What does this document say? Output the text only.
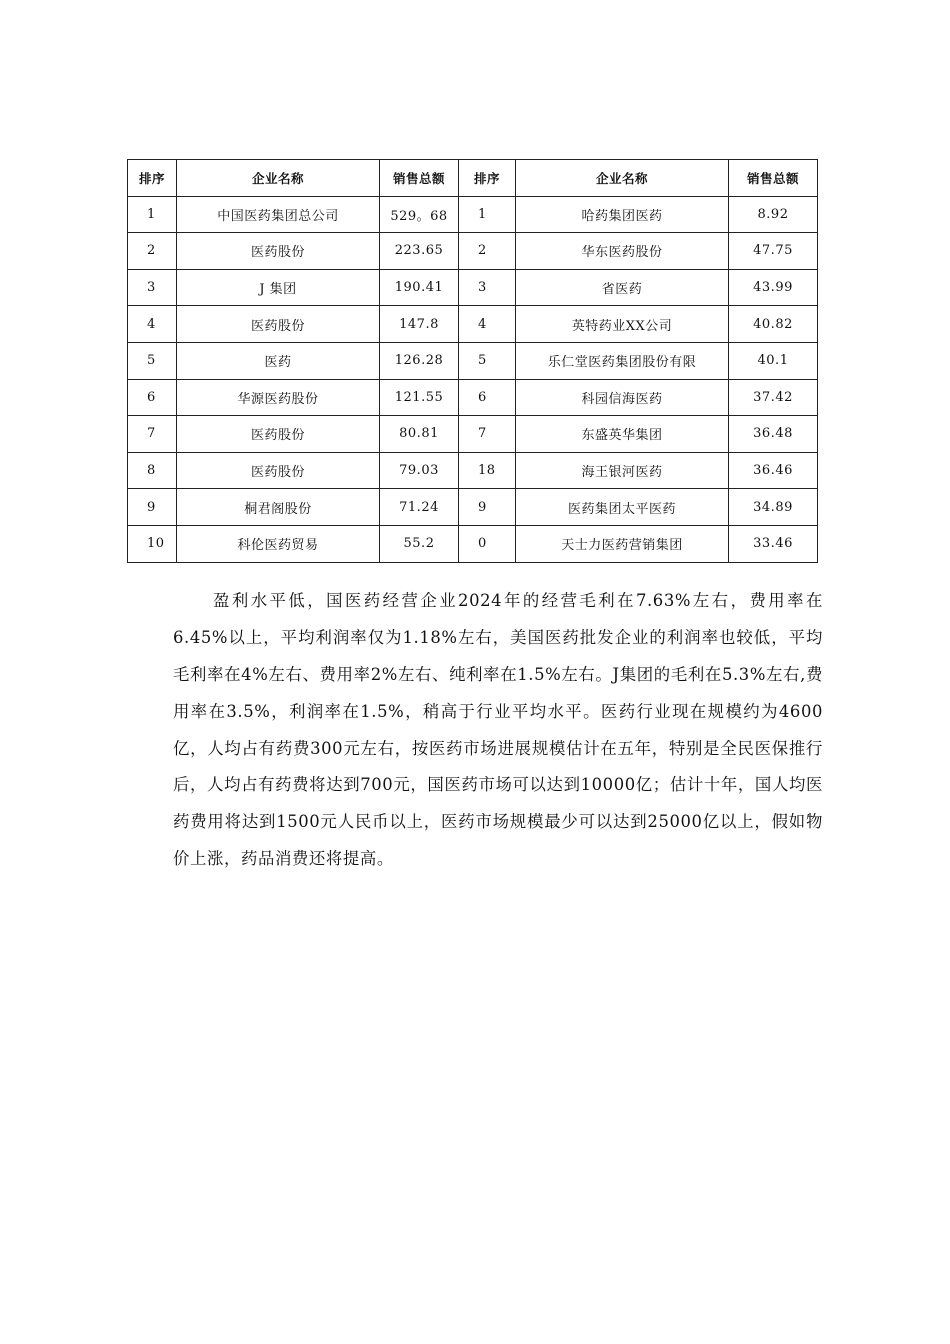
排序	企业名称	销售总额	排序	企业名称	销售总额
1	中国医药集团总公司	529。68	1	哈药集团医药	8.92
2	医药股份	223.65	2	华东医药股份	47.75
3	J 集团	190.41	3	省医药	43.99
4	医药股份	147.8	4	英特药业XX公司	40.82
5	医药	126.28	5	乐仁堂医药集团股份有限	40.1
6	华源医药股份	121.55	6	科园信海医药	37.42
7	医药股份	80.81	7	东盛英华集团	36.48
8	医药股份	79.03	18	海王银河医药	36.46
9	桐君阁股份	71.24	9	医药集团太平医药	34.89
10	科伦医药贸易	55.2	0	天士力医药营销集团	33.46

盈利水平低，国医药经营企业2024年的经营毛利在7.63%左右，费用率在6.45%以上，平均利润率仅为1.18%左右，美国医药批发企业的利润率也较低，平均毛利率在4%左右、费用率2%左右、纯利率在1.5%左右。J集团的毛利在5.3%左右,费用率在3.5%，利润率在1.5%，稍高于行业平均水平。医药行业现在规模约为4600亿，人均占有药费300元左右，按医药市场进展规模估计在五年，特别是全民医保推行后，人均占有药费将达到700元，国医药市场可以达到10000亿；估计十年，国人均医药费用将达到1500元人民币以上，医药市场规模最少可以达到25000亿以上，假如物价上涨，药品消费还将提高。
